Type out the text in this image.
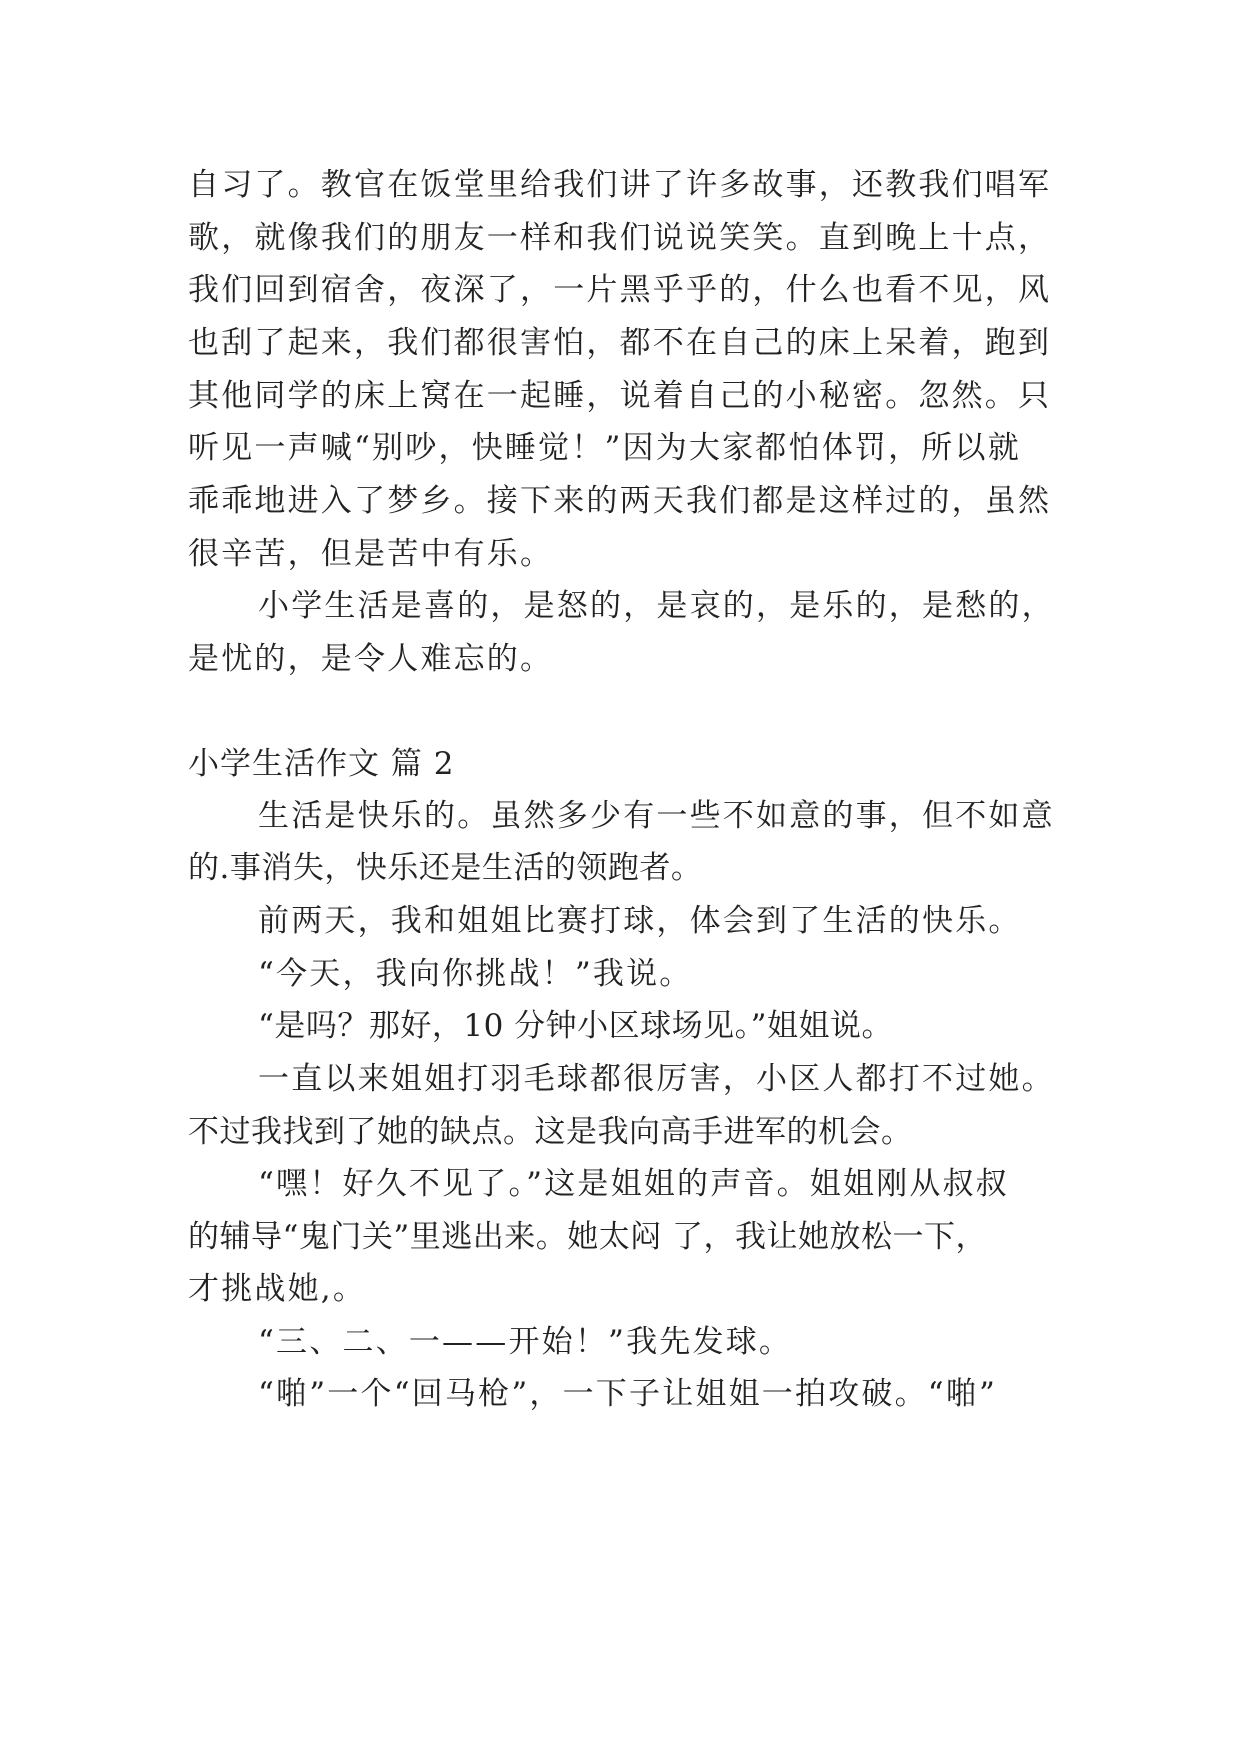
自习了。教官在饭堂里给我们讲了许多故事，还教我们唱军
歌，就像我们的朋友一样和我们说说笑笑。直到晚上十点，
我们回到宿舍，夜深了，一片黑乎乎的，什么也看不见，风
也刮了起来，我们都很害怕，都不在自己的床上呆着，跑到
其他同学的床上窝在一起睡，说着自己的小秘密。忽然。只
听见一声喊“别吵，快睡觉！”因为大家都怕体罚，所以就
乖乖地进入了梦乡。接下来的两天我们都是这样过的，虽然
很辛苦，但是苦中有乐。
小学生活是喜的，是怒的，是哀的，是乐的，是愁的，
是忧的，是令人难忘的。
小学生活作文 篇 2
生活是快乐的。虽然多少有一些不如意的事，但不如意
的.事消失，快乐还是生活的领跑者。
前两天，我和姐姐比赛打球，体会到了生活的快乐。
“今天，我向你挑战！”我说。
“是吗？那好，10 分钟小区球场见。”姐姐说。
一直以来姐姐打羽毛球都很厉害，小区人都打不过她。
不过我找到了她的缺点。这是我向高手进军的机会。
“嘿！好久不见了。”这是姐姐的声音。姐姐刚从叔叔
的辅导“鬼门关”里逃出来。她太闷 了，我让她放松一下，
才挑战她,。
“三、二、一——开始！”我先发球。
“啪”一个“回马枪”，一下子让姐姐一拍攻破。“啪”
